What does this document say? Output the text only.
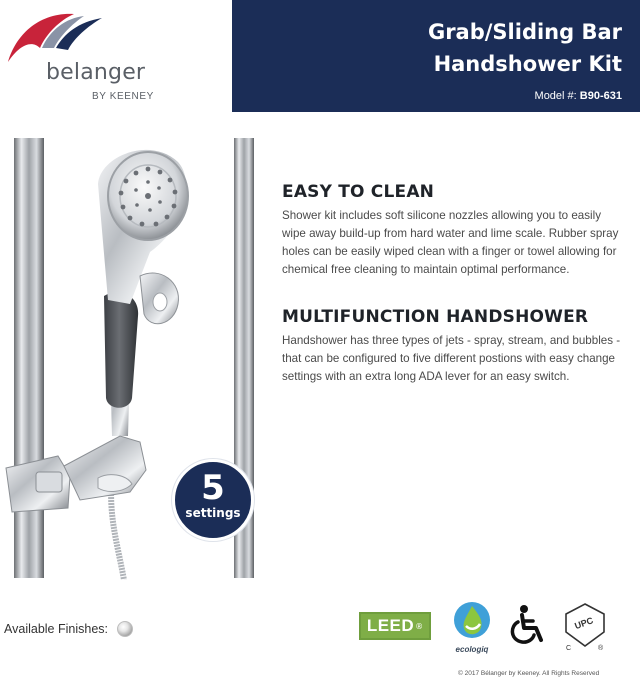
belanger
BY KEENEY
Grab/Sliding Bar
Handshower Kit
Model #: B90-631
EASY TO CLEAN
Shower kit includes soft silicone nozzles allowing you to easily wipe away build-up from hard water and lime scale. Rubber spray holes can be easily wiped clean with a finger or towel allowing for chemical free cleaning to maintain optimal performance.
MULTIFUNCTION HANDSHOWER
Handshower has three types of jets - spray, stream, and bubbles - that can be configured to five different postions with easy change settings with an extra long ADA lever for an easy switch.
5
settings
Available Finishes:	LEED ®
ecologiq
UPC
C	®
© 2017 Bélanger by Keeney. All Rights Reserved
